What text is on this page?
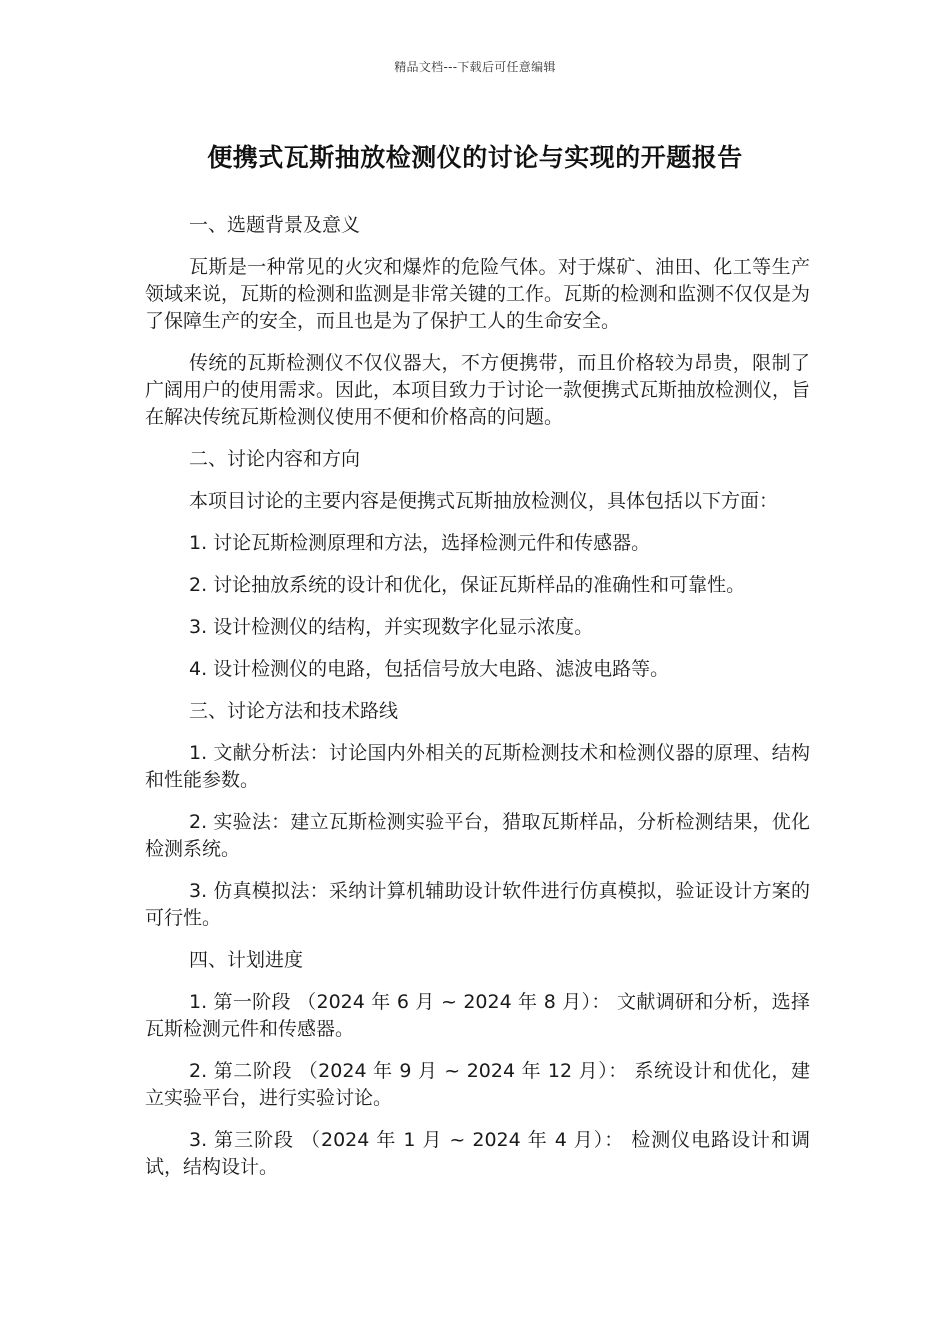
精品文档---下载后可任意编辑
便携式瓦斯抽放检测仪的讨论与实现的开题报告
一、选题背景及意义

瓦斯是一种常见的火灾和爆炸的危险气体。对于煤矿、油田、化工等生产领域来说，瓦斯的检测和监测是非常关键的工作。瓦斯的检测和监测不仅仅是为了保障生产的安全，而且也是为了保护工人的生命安全。

传统的瓦斯检测仪不仅仪器大，不方便携带，而且价格较为昂贵，限制了广阔用户的使用需求。因此，本项目致力于讨论一款便携式瓦斯抽放检测仪，旨在解决传统瓦斯检测仪使用不便和价格高的问题。

二、讨论内容和方向

本项目讨论的主要内容是便携式瓦斯抽放检测仪，具体包括以下方面：

1. 讨论瓦斯检测原理和方法，选择检测元件和传感器。

2. 讨论抽放系统的设计和优化，保证瓦斯样品的准确性和可靠性。

3. 设计检测仪的结构，并实现数字化显示浓度。

4. 设计检测仪的电路，包括信号放大电路、滤波电路等。

三、讨论方法和技术路线

1. 文献分析法：讨论国内外相关的瓦斯检测技术和检测仪器的原理、结构和性能参数。

2. 实验法：建立瓦斯检测实验平台，猎取瓦斯样品，分析检测结果，优化检测系统。

3. 仿真模拟法：采纳计算机辅助设计软件进行仿真模拟，验证设计方案的可行性。

四、计划进度

1. 第一阶段 （2024 年 6 月 ~ 2024 年 8 月）： 文献调研和分析，选择瓦斯检测元件和传感器。

2. 第二阶段 （2024 年 9 月 ~ 2024 年 12 月）： 系统设计和优化，建立实验平台，进行实验讨论。

3. 第三阶段 （2024 年 1 月 ~ 2024 年 4 月）： 检测仪电路设计和调试，结构设计。
